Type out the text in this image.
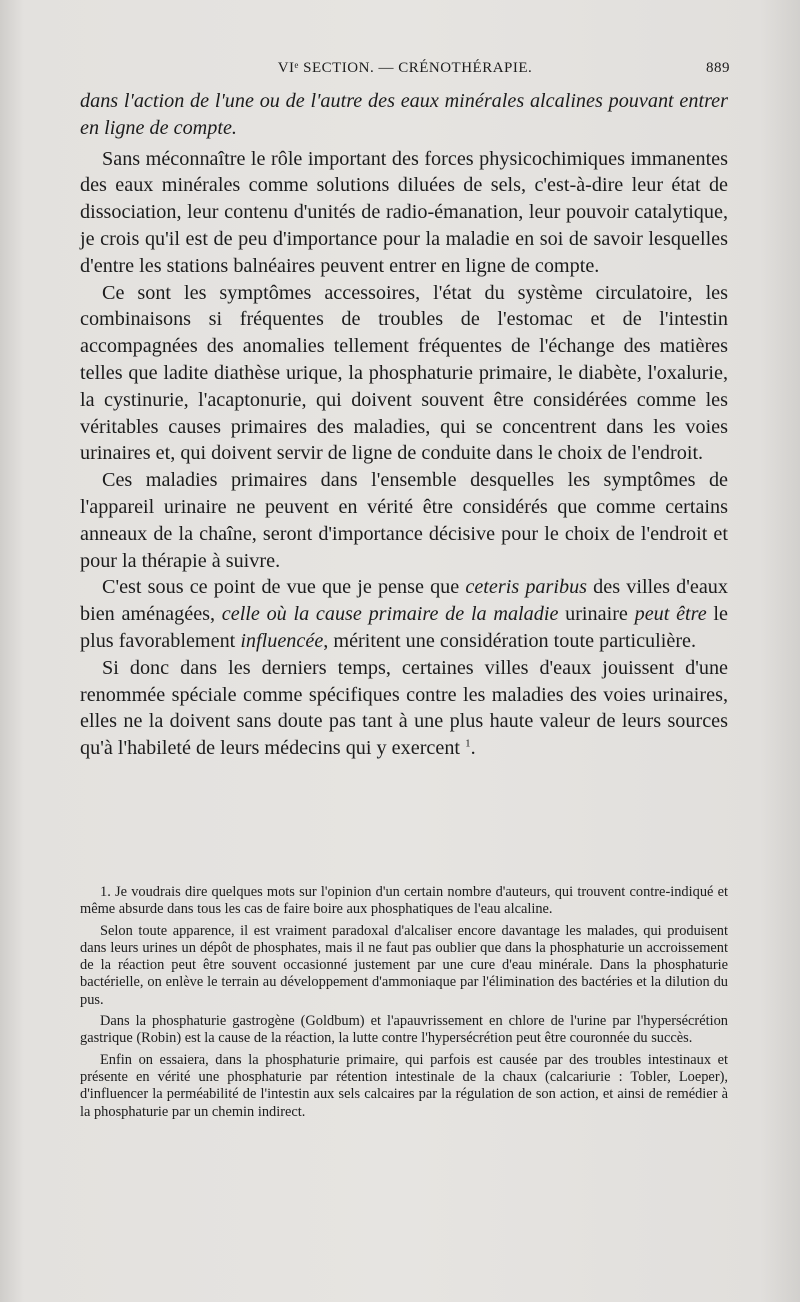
VIᵉ SECTION. — CRÉNOTHÉRAPIE.	889

dans l'action de l'une ou de l'autre des eaux minérales alcalines pouvant entrer en ligne de compte.

Sans méconnaître le rôle important des forces physicochimiques immanentes des eaux minérales comme solutions diluées de sels, c'est-à-dire leur état de dissociation, leur contenu d'unités de radio-émanation, leur pouvoir catalytique, je crois qu'il est de peu d'importance pour la maladie en soi de savoir lesquelles d'entre les stations balnéaires peuvent entrer en ligne de compte.

Ce sont les symptômes accessoires, l'état du système circulatoire, les combinaisons si fréquentes de troubles de l'estomac et de l'intestin accompagnées des anomalies tellement fréquentes de l'échange des matières telles que ladite diathèse urique, la phosphaturie primaire, le diabète, l'oxalurie, la cystinurie, l'acaptonurie, qui doivent souvent être considérées comme les véritables causes primaires des maladies, qui se concentrent dans les voies urinaires et, qui doivent servir de ligne de conduite dans le choix de l'endroit.

Ces maladies primaires dans l'ensemble desquelles les symptômes de l'appareil urinaire ne peuvent en vérité être considérés que comme certains anneaux de la chaîne, seront d'importance décisive pour le choix de l'endroit et pour la thérapie à suivre.

C'est sous ce point de vue que je pense que ceteris paribus des villes d'eaux bien aménagées, celle où la cause primaire de la maladie urinaire peut être le plus favorablement influencée, méritent une considération toute particulière.

Si donc dans les derniers temps, certaines villes d'eaux jouissent d'une renommée spéciale comme spécifiques contre les maladies des voies urinaires, elles ne la doivent sans doute pas tant à une plus haute valeur de leurs sources qu'à l'habileté de leurs médecins qui y exercent $^1$.

1. Je voudrais dire quelques mots sur l'opinion d'un certain nombre d'auteurs, qui trouvent contre-indiqué et même absurde dans tous les cas de faire boire aux phosphatiques de l'eau alcaline.

Selon toute apparence, il est vraiment paradoxal d'alcaliser encore davantage les malades, qui produisent dans leurs urines un dépôt de phosphates, mais il ne faut pas oublier que dans la phosphaturie un accroissement de la réaction peut être souvent occasionné justement par une cure d'eau minérale. Dans la phosphaturie bactérielle, on enlève le terrain au développement d'ammoniaque par l'élimination des bactéries et la dilution du pus.

Dans la phosphaturie gastrogène (Goldbum) et l'apauvrissement en chlore de l'urine par l'hypersécrétion gastrique (Robin) est la cause de la réaction, la lutte contre l'hypersécrétion peut être couronnée du succès.

Enfin on essaiera, dans la phosphaturie primaire, qui parfois est causée par des troubles intestinaux et présente en vérité une phosphaturie par rétention intestinale de la chaux (calcariurie : Tobler, Loeper), d'influencer la perméabilité de l'intestin aux sels calcaires par la régulation de son action, et ainsi de remédier à la phosphaturie par un chemin indirect.
